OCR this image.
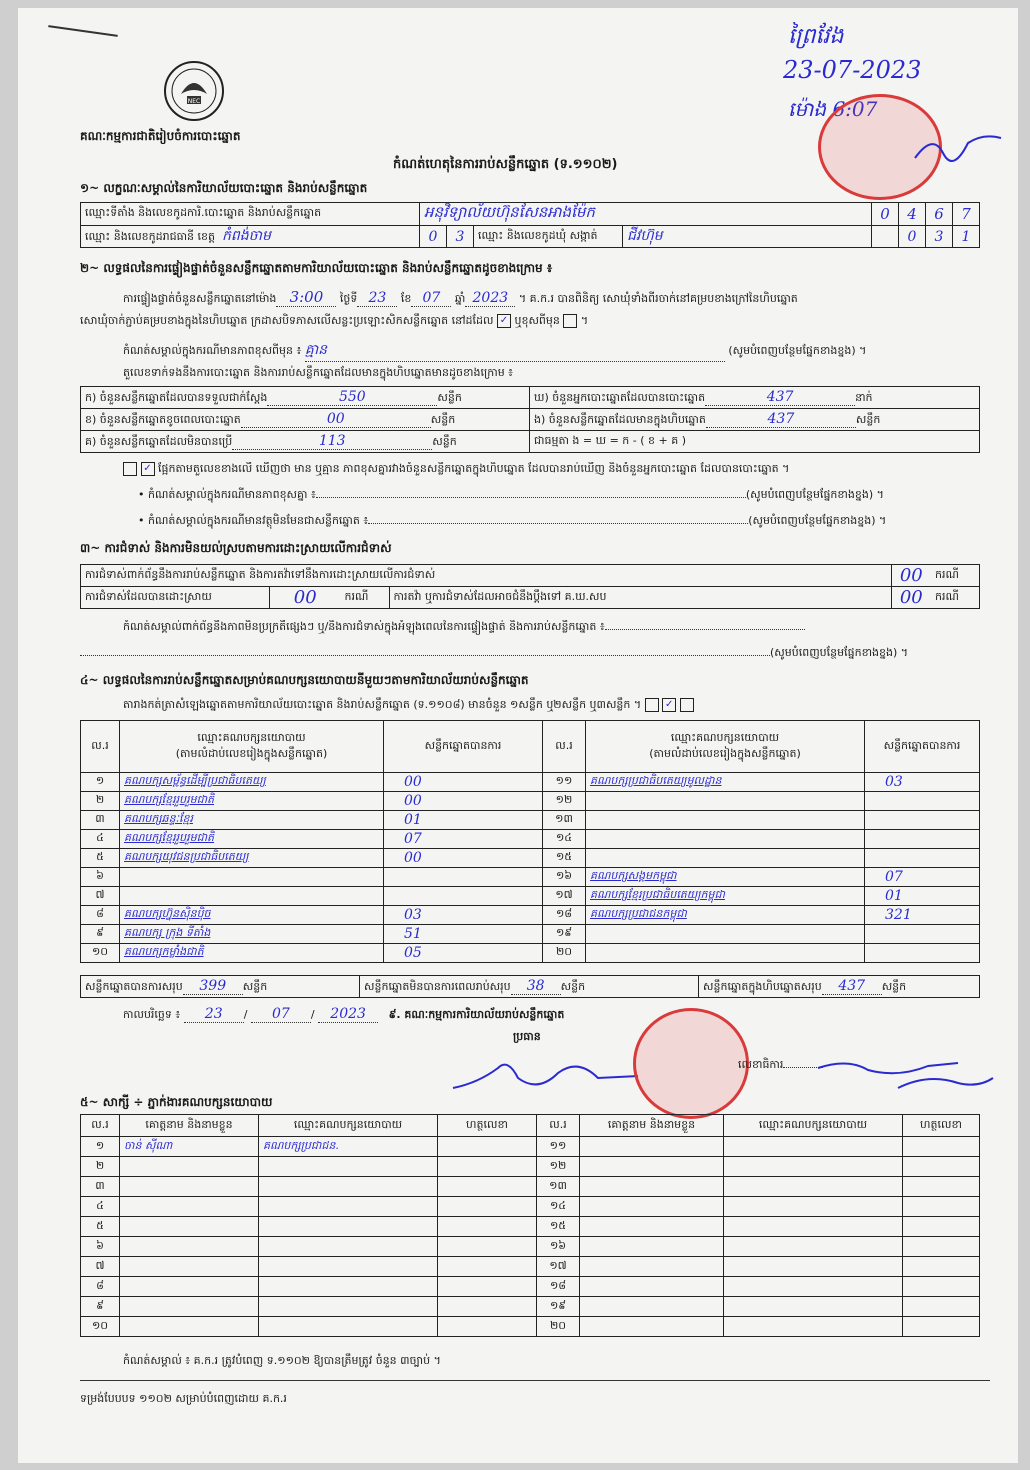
NEC
គណៈកម្មការជាតិរៀបចំការបោះឆ្នោត
កំណត់ហេតុនៃការរាប់សន្លឹកឆ្នោត (ទ.១១០២)
ព្រៃវែង
23-07-2023
ម៉ោង 6:07
១~ លក្ខណៈសម្គាល់នៃការិយាល័យបោះឆ្នោត និងរាប់សន្លឹកឆ្នោត
ឈ្មោះទីតាំង និងលេខកូដការិ.បោះឆ្នោត និងរាប់សន្លឹកឆ្នោត	អនុវិទ្យាល័យហ៊ុនសែនអាងម៉ែក				0	4	6	7
ឈ្មោះ និងលេខកូដរាជធានី ខេត្ត កំពង់ចាម	0	3	ឈ្មោះ និងលេខកូដឃុំ សង្កាត់	ជីវហ៊ុម		0	3	1
២~ លទ្ធផលនៃការផ្ទៀងផ្ទាត់ចំនួនសន្លឹកឆ្នោតតាមការិយាល័យបោះឆ្នោត និងរាប់សន្លឹកឆ្នោតដូចខាងក្រោម ៖
ការផ្ទៀងផ្ទាត់ចំនួនសន្លឹកឆ្នោតនៅម៉ោង 3:00 ថ្ងៃទី 23 ខែ 07 ឆ្នាំ 2023 ។ គ.ក.រ បានពិនិត្យ សោឃុំទាំងពីរចាក់នៅគម្របខាងក្រៅនៃហិបឆ្នោត
សោឃុំចាក់ភ្ជាប់គម្របខាងក្នុងនៃហិបឆ្នោត ក្រដាសបិទភាសលើសន្លះប្រឡោះសិកសន្លឹកឆ្នោត នៅដដែល ✓ ឬខុសពីមុន  ។
កំណត់សម្គាល់ក្នុងករណីមានភាពខុសពីមុន ៖ គ្មាន	(សូមបំពេញបន្ថែមផ្នែកខាងខ្នង) ។
តួលេខទាក់ទងនឹងការបោះឆ្នោត និងការរាប់សន្លឹកឆ្នោតដែលមានក្នុងហិបឆ្នោតមានដូចខាងក្រោម ៖
ក) ចំនួនសន្លឹកឆ្នោតដែលបានទទួលជាក់ស្តែង 550 សន្លឹក	ឃ) ចំនួនអ្នកបោះឆ្នោតដែលបានបោះឆ្នោត 437 នាក់
ខ) ចំនួនសន្លឹកឆ្នោតខូចពេលបោះឆ្នោត 00 សន្លឹក	ង) ចំនួនសន្លឹកឆ្នោតដែលមានក្នុងហិបឆ្នោត 437 សន្លឹក
គ) ចំនួនសន្លឹកឆ្នោតដែលមិនបានប្រើ 113 សន្លឹក	ជាធម្មតា ង = ឃ = ក - ( ខ + គ )
✓ ផ្អែកតាមតួលេខខាងលើ ឃើញថា មាន ឬគ្មាន ភាពខុសគ្នារវាងចំនួនសន្លឹកឆ្នោតក្នុងហិបឆ្នោត ដែលបានរាប់ឃើញ និងចំនួនអ្នកបោះឆ្នោត ដែលបានបោះឆ្នោត ។
• កំណត់សម្គាល់ក្នុងករណីមានភាពខុសគ្នា ៖	(សូមបំពេញបន្ថែមផ្នែកខាងខ្នង) ។
• កំណត់សម្គាល់ក្នុងករណីមានវត្ថុមិនមែនជាសន្លឹកឆ្នោត ៖	(សូមបំពេញបន្ថែមផ្នែកខាងខ្នង) ។
៣~ ការជំទាស់ និងការមិនយល់ស្របតាមការដោះស្រាយលើការជំទាស់
ការជំទាស់ពាក់ព័ន្ធនឹងការរាប់សន្លឹកឆ្នោត និងការតវ៉ាទៅនឹងការដោះស្រាយលើការជំទាស់				00	ករណី
ការជំទាស់ដែលបានដោះស្រាយ	00	ករណី	ការតវ៉ា ឬការជំទាស់ដែលអាចជំនឹងប្តឹងទៅ គ.ឃ.សប	00	ករណី
កំណត់សម្គាល់ពាក់ព័ន្ធនឹងភាពមិនប្រក្រតីផ្សេងៗ ឬ/និងការជំទាស់ក្នុងអំឡុងពេលនៃការផ្ទៀងផ្ទាត់ និងការរាប់សន្លឹកឆ្នោត ៖
(សូមបំពេញបន្ថែមផ្នែកខាងខ្នង) ។
៤~ លទ្ធផលនៃការរាប់សន្លឹកឆ្នោតសម្រាប់គណបក្សនយោបាយនីមួយៗតាមការិយាល័យរាប់សន្លឹកឆ្នោត
តារាងកត់ត្រាសំឡេងឆ្នោតតាមការិយាល័យបោះឆ្នោត និងរាប់សន្លឹកឆ្នោត (ទ.១១០៨) មានចំនួន ១សន្លឹក ឬ២សន្លឹក ឬ៣សន្លឹក ។ ✓
ល.រ	ឈ្មោះគណបក្សនយោបាយ
(តាមលំដាប់លេខរៀងក្នុងសន្លឹកឆ្នោត)	សន្លឹកឆ្នោតបានការ	ល.រ	ឈ្មោះគណបក្សនយោបាយ
(តាមលំដាប់លេខរៀងក្នុងសន្លឹកឆ្នោត)	សន្លឹកឆ្នោតបានការ
១	គណបក្សសម្ព័ន្ធដើម្បីប្រជាធិបតេយ្យ	00	១១	គណបក្សប្រជាធិបតេយ្យមូលដ្ឋាន	03
២	គណបក្សខ្មែររួបរួមជាតិ	00	១២		
៣	គណបក្សឆន្ទៈខ្មែរ	01	១៣		
៤	គណបក្សខ្មែររួបរួមជាតិ	07	១៤		
៥	គណបក្សយុវជនប្រជាធិបតេយ្យ	00	១៥		
៦			១៦	គណបក្សសង្គមកម្ពុជា	07
៧			១៧	គណបក្សខ្មែរប្រជាធិបតេយ្យកម្ពុជា	01
៨	គណបក្សហ្វ៊ុនស៊ិនប៉ិច	03	១៨	គណបក្សប្រជាជនកម្ពុជា	321
៩	គណបក្ស ក្រុង ទីតាំង	51	១៩		
១០	គណបក្សកម្លាំងជាតិ	05	២០		
សន្លឹកឆ្នោតបានការសរុប 399 សន្លឹក	សន្លឹកឆ្នោតមិនបានការពេលរាប់សរុប 38 សន្លឹក	សន្លឹកឆ្នោតក្នុងហិបឆ្នោតសរុប 437 សន្លឹក
កាលបរិច្ឆេទ ៖ 23 / 07 / 2023 ៩. គណៈកម្មការការិយាល័យរាប់សន្លឹកឆ្នោត
ប្រធាន
លេខាធិការ
៥~ សាក្សី ÷ ភ្នាក់ងារគណបក្សនយោបាយ
ល.រ	គោត្តនាម និងនាមខ្លួន	ឈ្មោះគណបក្សនយោបាយ	ហត្ថលេខា	ល.រ	គោត្តនាម និងនាមខ្លួន	ឈ្មោះគណបក្សនយោបាយ	ហត្ថលេខា
១	ចាន់ ស៊ីណា	គណបក្សប្រជាជន.		១១			
២				១២			
៣				១៣			
៤				១៤			
៥				១៥			
៦				១៦			
៧				១៧			
៨				១៨			
៩				១៩			
១០				២០			
កំណត់សម្គាល់ ៖ គ.ក.រ ត្រូវបំពេញ ទ.១១០២ ឱ្យបានត្រឹមត្រូវ ចំនួន ៣ច្បាប់ ។
ទម្រង់បែបបទ ១១០២ សម្រាប់បំពេញដោយ គ.ក.រ
